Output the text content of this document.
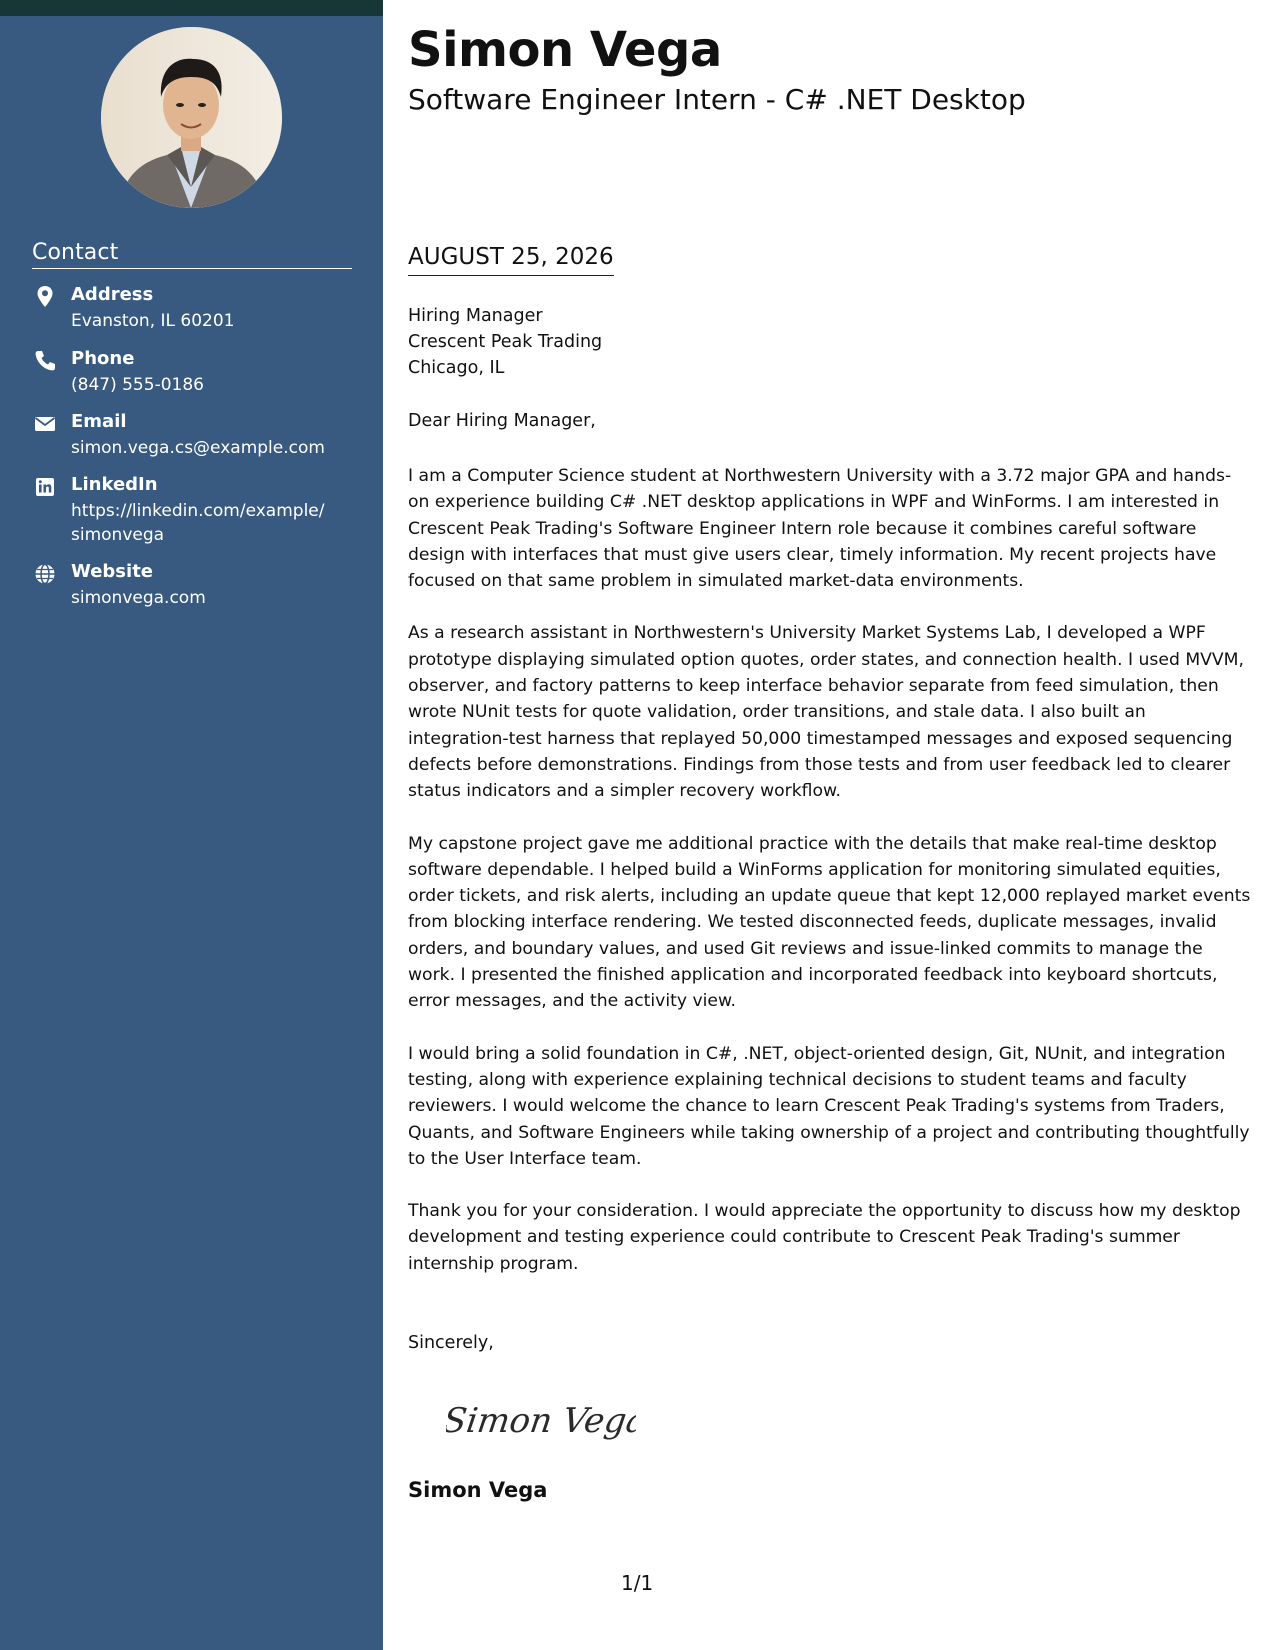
Contact
Address
Evanston, IL 60201
Phone
(847) 555-0186
Email
simon.vega.cs@example.com
LinkedIn
https://linkedin.com/example/simonvega
Website
simonvega.com
Simon Vega
Software Engineer Intern - C# .NET Desktop
AUGUST 25, 2026
Hiring Manager
Crescent Peak Trading
Chicago, IL
Dear Hiring Manager,

I am a Computer Science student at Northwestern University with a 3.72 major GPA and hands-on experience building C# .NET desktop applications in WPF and WinForms. I am interested in Crescent Peak Trading's Software Engineer Intern role because it combines careful software design with interfaces that must give users clear, timely information. My recent projects have focused on that same problem in simulated market-data environments.

As a research assistant in Northwestern's University Market Systems Lab, I developed a WPF prototype displaying simulated option quotes, order states, and connection health. I used MVVM, observer, and factory patterns to keep interface behavior separate from feed simulation, then wrote NUnit tests for quote validation, order transitions, and stale data. I also built an integration-test harness that replayed 50,000 timestamped messages and exposed sequencing defects before demonstrations. Findings from those tests and from user feedback led to clearer status indicators and a simpler recovery workflow.

My capstone project gave me additional practice with the details that make real-time desktop software dependable. I helped build a WinForms application for monitoring simulated equities, order tickets, and risk alerts, including an update queue that kept 12,000 replayed market events from blocking interface rendering. We tested disconnected feeds, duplicate messages, invalid orders, and boundary values, and used Git reviews and issue-linked commits to manage the work. I presented the finished application and incorporated feedback into keyboard shortcuts, error messages, and the activity view.

I would bring a solid foundation in C#, .NET, object-oriented design, Git, NUnit, and integration testing, along with experience explaining technical decisions to student teams and faculty reviewers. I would welcome the chance to learn Crescent Peak Trading's systems from Traders, Quants, and Software Engineers while taking ownership of a project and contributing thoughtfully to the User Interface team.

Thank you for your consideration. I would appreciate the opportunity to discuss how my desktop development and testing experience could contribute to Crescent Peak Trading's summer internship program.

Sincerely,
Simon Vega
Simon Vega
1/1
